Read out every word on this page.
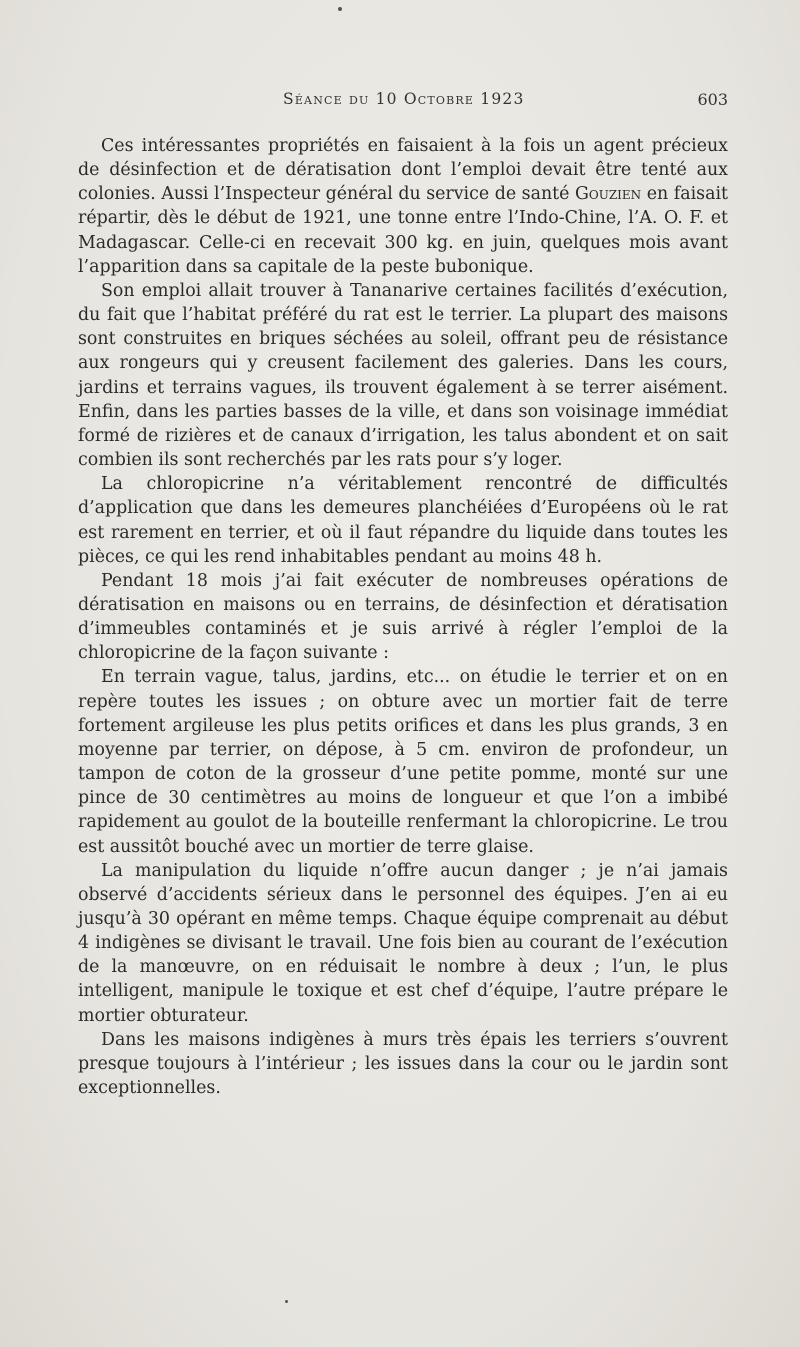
Séance du 10 Octobre 1923	603

Ces intéressantes propriétés en faisaient à la fois un agent précieux de désinfection et de dératisation dont l’emploi devait être tenté aux colonies. Aussi l’Inspecteur général du service de santé Gouzien en faisait répartir, dès le début de 1921, une tonne entre l’Indo-Chine, l’A. O. F. et Madagascar. Celle-ci en recevait 300 kg. en juin, quelques mois avant l’apparition dans sa capitale de la peste bubonique.

Son emploi allait trouver à Tananarive certaines facilités d’exécution, du fait que l’habitat préféré du rat est le terrier. La plupart des maisons sont construites en briques séchées au soleil, offrant peu de résistance aux rongeurs qui y creusent facilement des galeries. Dans les cours, jardins et terrains vagues, ils trouvent également à se terrer aisément. Enfin, dans les parties basses de la ville, et dans son voisinage immédiat formé de rizières et de canaux d’irrigation, les talus abondent et on sait combien ils sont recherchés par les rats pour s’y loger.

La chloropicrine n’a véritablement rencontré de difficultés d’application que dans les demeures planchéiées d’Européens où le rat est rarement en terrier, et où il faut répandre du liquide dans toutes les pièces, ce qui les rend inhabitables pendant au moins 48 h.

Pendant 18 mois j’ai fait exécuter de nombreuses opérations de dératisation en maisons ou en terrains, de désinfection et dératisation d’immeubles contaminés et je suis arrivé à régler l’emploi de la chloropicrine de la façon suivante :

En terrain vague, talus, jardins, etc... on étudie le terrier et on en repère toutes les issues ; on obture avec un mortier fait de terre fortement argileuse les plus petits orifices et dans les plus grands, 3 en moyenne par terrier, on dépose, à 5 cm. environ de profondeur, un tampon de coton de la grosseur d’une petite pomme, monté sur une pince de 30 centimètres au moins de longueur et que l’on a imbibé rapidement au goulot de la bouteille renfermant la chloropicrine. Le trou est aussitôt bouché avec un mortier de terre glaise.

La manipulation du liquide n’offre aucun danger ; je n’ai jamais observé d’accidents sérieux dans le personnel des équipes. J’en ai eu jusqu’à 30 opérant en même temps. Chaque équipe comprenait au début 4 indigènes se divisant le travail. Une fois bien au courant de l’exécution de la manœuvre, on en réduisait le nombre à deux ; l’un, le plus intelligent, manipule le toxique et est chef d’équipe, l’autre prépare le mortier obturateur.

Dans les maisons indigènes à murs très épais les terriers s’ouvrent presque toujours à l’intérieur ; les issues dans la cour ou le jardin sont exceptionnelles.
